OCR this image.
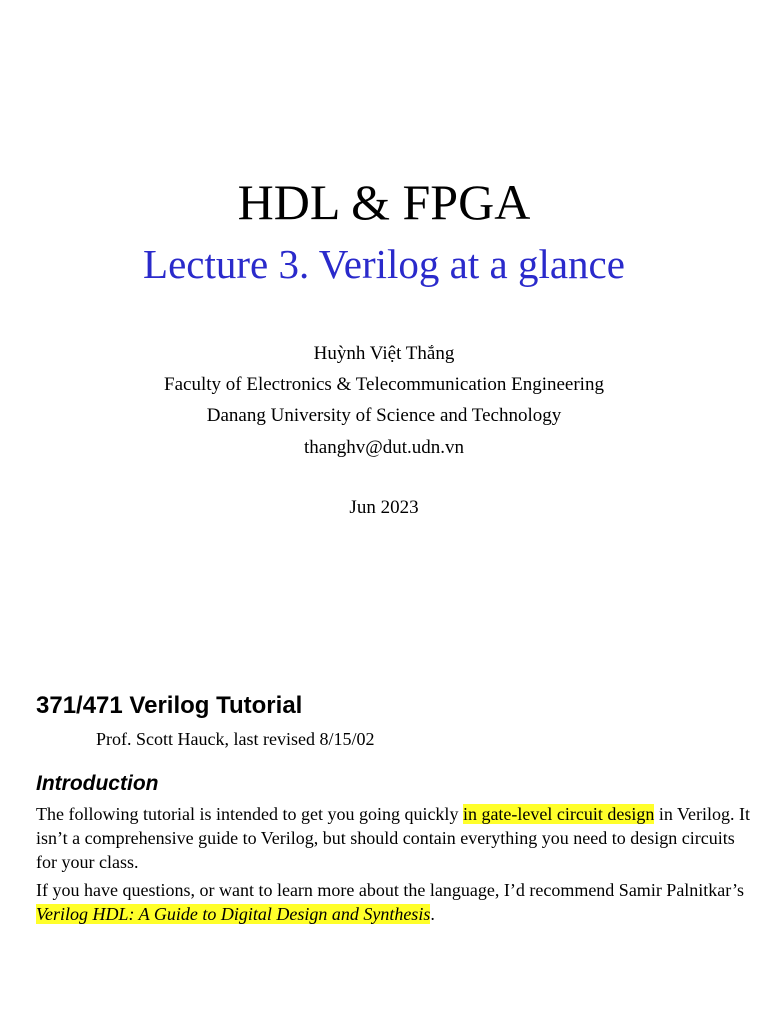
HDL & FPGA
Lecture 3. Verilog at a glance
Huỳnh Việt Thắng
Faculty of Electronics & Telecommunication Engineering
Danang University of Science and Technology
thanghv@dut.udn.vn
Jun 2023
371/471 Verilog Tutorial
Prof. Scott Hauck, last revised 8/15/02
Introduction

The following tutorial is intended to get you going quickly in gate-level circuit design in Verilog. It isn’t a comprehensive guide to Verilog, but should contain everything you need to design circuits for your class.

If you have questions, or want to learn more about the language, I’d recommend Samir Palnitkar’s Verilog HDL: A Guide to Digital Design and Synthesis.
